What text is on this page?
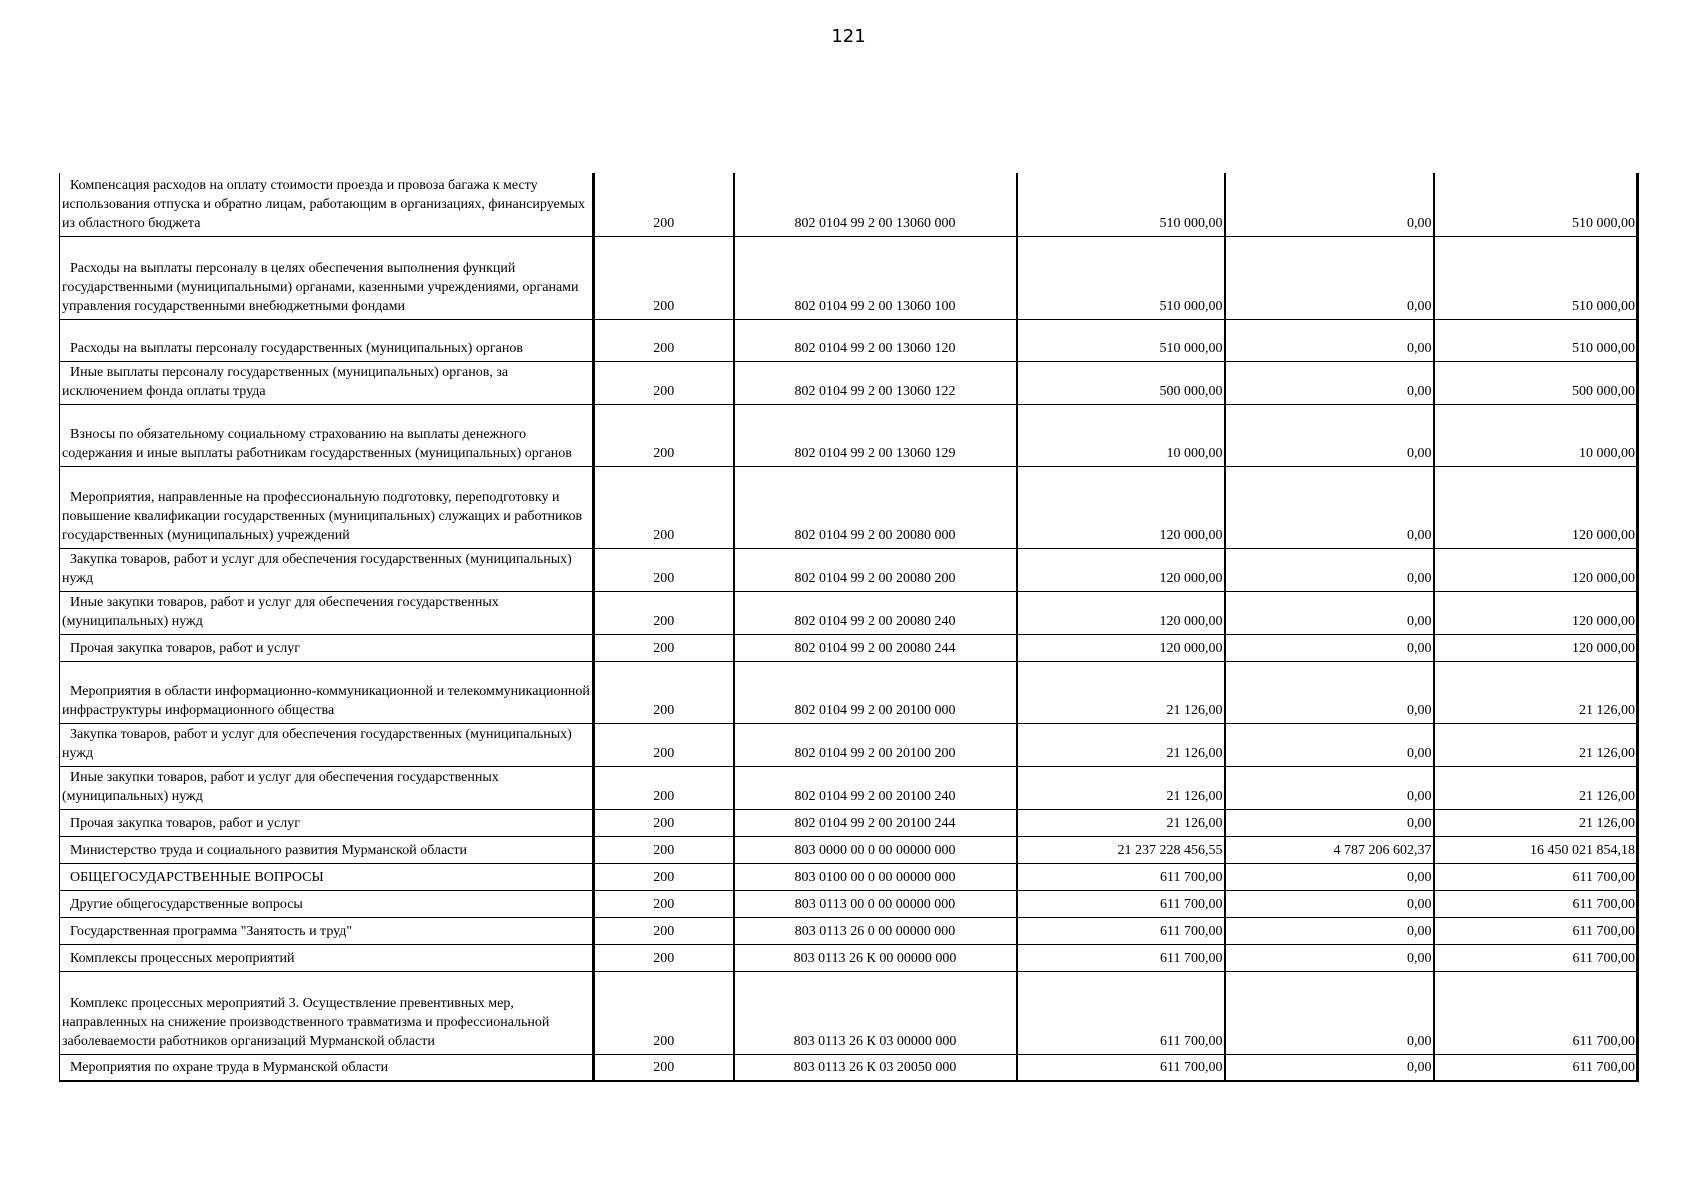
121
Компенсация расходов на оплату стоимости проезда и провоза багажа к месту использования отпуска и обратно лицам, работающим в организациях, финансируемых из областного бюджета	200	802 0104 99 2 00 13060 000	510 000,00	0,00	510 000,00
Расходы на выплаты персоналу в целях обеспечения выполнения функций государственными (муниципальными) органами, казенными учреждениями, органами управления государственными внебюджетными фондами	200	802 0104 99 2 00 13060 100	510 000,00	0,00	510 000,00
Расходы на выплаты персоналу государственных (муниципальных) органов	200	802 0104 99 2 00 13060 120	510 000,00	0,00	510 000,00
Иные выплаты персоналу государственных (муниципальных) органов, за исключением фонда оплаты труда	200	802 0104 99 2 00 13060 122	500 000,00	0,00	500 000,00
Взносы по обязательному социальному страхованию на выплаты денежного содержания и иные выплаты работникам государственных (муниципальных) органов	200	802 0104 99 2 00 13060 129	10 000,00	0,00	10 000,00
Мероприятия, направленные на профессиональную подготовку, переподготовку и повышение квалификации государственных (муниципальных) служащих и работников государственных (муниципальных) учреждений	200	802 0104 99 2 00 20080 000	120 000,00	0,00	120 000,00
Закупка товаров, работ и услуг для обеспечения государственных (муниципальных) нужд	200	802 0104 99 2 00 20080 200	120 000,00	0,00	120 000,00
Иные закупки товаров, работ и услуг для обеспечения государственных (муниципальных) нужд	200	802 0104 99 2 00 20080 240	120 000,00	0,00	120 000,00
Прочая закупка товаров, работ и услуг	200	802 0104 99 2 00 20080 244	120 000,00	0,00	120 000,00
Мероприятия в области информационно-коммуникационной и телекоммуникационной инфраструктуры информационного общества	200	802 0104 99 2 00 20100 000	21 126,00	0,00	21 126,00
Закупка товаров, работ и услуг для обеспечения государственных (муниципальных) нужд	200	802 0104 99 2 00 20100 200	21 126,00	0,00	21 126,00
Иные закупки товаров, работ и услуг для обеспечения государственных (муниципальных) нужд	200	802 0104 99 2 00 20100 240	21 126,00	0,00	21 126,00
Прочая закупка товаров, работ и услуг	200	802 0104 99 2 00 20100 244	21 126,00	0,00	21 126,00
Министерство труда и социального развития Мурманской области	200	803 0000 00 0 00 00000 000	21 237 228 456,55	4 787 206 602,37	16 450 021 854,18
ОБЩЕГОСУДАРСТВЕННЫЕ ВОПРОСЫ	200	803 0100 00 0 00 00000 000	611 700,00	0,00	611 700,00
Другие общегосударственные вопросы	200	803 0113 00 0 00 00000 000	611 700,00	0,00	611 700,00
Государственная программа "Занятость и труд"	200	803 0113 26 0 00 00000 000	611 700,00	0,00	611 700,00
Комплексы процессных мероприятий	200	803 0113 26 К 00 00000 000	611 700,00	0,00	611 700,00
Комплекс процессных мероприятий 3. Осуществление превентивных мер, направленных на снижение производственного травматизма и профессиональной заболеваемости работников организаций Мурманской области	200	803 0113 26 К 03 00000 000	611 700,00	0,00	611 700,00
Мероприятия по охране труда в Мурманской области	200	803 0113 26 К 03 20050 000	611 700,00	0,00	611 700,00
